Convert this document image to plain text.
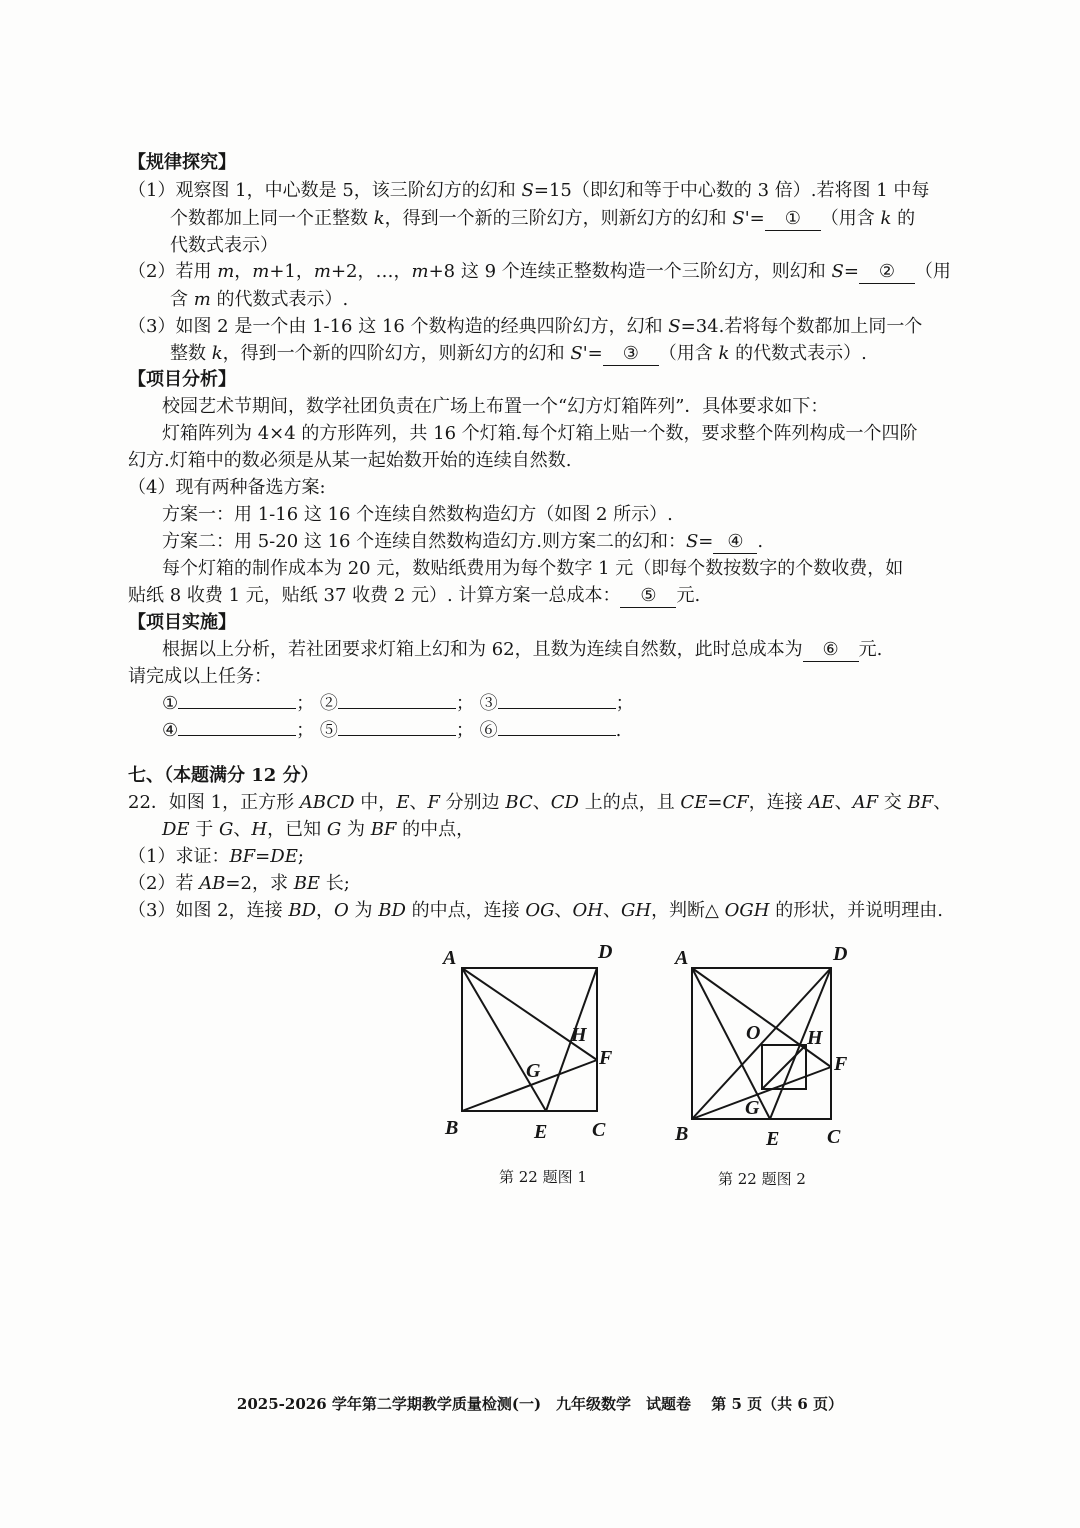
【规律探究】
（1）观察图 1，中心数是 5，该三阶幻方的幻和 S=15（即幻和等于中心数的 3 倍）.若将图 1 中每
个数都加上同一个正整数 k，得到一个新的三阶幻方，则新幻方的幻和 S'= ① （用含 k 的
代数式表示）
（2）若用 m，m+1，m+2，…，m+8 这 9 个连续正整数构造一个三阶幻方，则幻和 S= ② （用
含 m 的代数式表示）.
（3）如图 2 是一个由 1-16 这 16 个数构造的经典四阶幻方，幻和 S=34.若将每个数都加上同一个
整数 k，得到一个新的四阶幻方，则新幻方的幻和 S'= ③ （用含 k 的代数式表示）.
【项目分析】
校园艺术节期间，数学社团负责在广场上布置一个“幻方灯箱阵列”．具体要求如下：
灯箱阵列为 4×4 的方形阵列，共 16 个灯箱.每个灯箱上贴一个数，要求整个阵列构成一个四阶
幻方.灯箱中的数必须是从某一起始数开始的连续自然数.
（4）现有两种备选方案:
方案一：用 1-16 这 16 个连续自然数构造幻方（如图 2 所示）.
方案二：用 5-20 这 16 个连续自然数构造幻方.则方案二的幻和：S= ④ .
每个灯箱的制作成本为 20 元，数贴纸费用为每个数字 1 元（即每个数按数字的个数收费，如
贴纸 8 收费 1 元，贴纸 37 收费 2 元）. 计算方案一总成本： ⑤ 元.
【项目实施】
根据以上分析，若社团要求灯箱上幻和为 62，且数为连续自然数，此时总成本为 ⑥ 元.
请完成以上任务：
①	； ②	； ③	；
④	； ⑤	； ⑥	.
七、（本题满分 12 分）
22．如图 1，正方形 ABCD 中，E、F 分别边 BC、CD 上的点，且 CE=CF，连接 AE、AF 交 BF、
DE 于 G、H，已知 G 为 BF 的中点，
（1）求证：BF=DE;
（2）若 AB=2，求 BE 长;
（3）如图 2，连接 BD，O 为 BD 的中点，连接 OG、OH、GH，判断△ OGH 的形状，并说明理由.
A	D
B	C
E
F
G
H
A	D
B	C
E
F
G
H
O
第 22 题图 1	第 22 题图 2
2025-2026 学年第二学期教学质量检测(一)　九年级数学　试题卷　 第 5 页（共 6 页）
